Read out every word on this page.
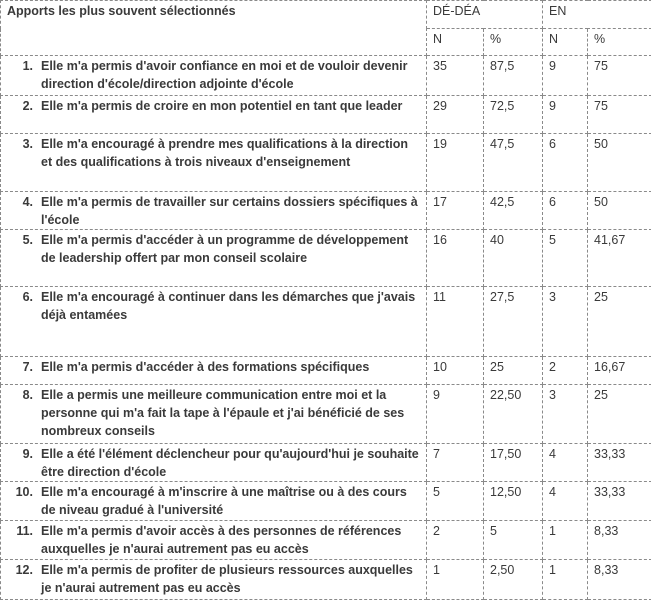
Apports les plus souvent sélectionnés	DÉ-DÉA		EN	
	N	%	N	%

1. Elle m'a permis d'avoir confiance en moi et de vouloir devenir direction d'école/direction adjointe d'école	35	87,5	9	75

2. Elle m'a permis de croire en mon potentiel en tant que leader	29	72,5	9	75

3. Elle m'a encouragé à prendre mes qualifications à la direction et des qualifications à trois niveaux d'enseignement	19	47,5	6	50

4. Elle m'a permis de travailler sur certains dossiers spécifiques à l'école	17	42,5	6	50

5. Elle m'a permis d'accéder à un programme de développement de leadership offert par mon conseil scolaire	16	40	5	41,67

6. Elle m'a encouragé à continuer dans les démarches que j'avais déjà entamées	11	27,5	3	25

7. Elle m'a permis d'accéder à des formations spécifiques	10	25	2	16,67

8. Elle a permis une meilleure communication entre moi et la personne qui m'a fait la tape à l'épaule et j'ai bénéficié de ses nombreux conseils	9	22,50	3	25

9. Elle a été l'élément déclencheur pour qu'aujourd'hui je souhaite être direction d'école	7	17,50	4	33,33

10. Elle m'a encouragé à m'inscrire à une maîtrise ou à des cours de niveau gradué à l'université	5	12,50	4	33,33

11. Elle m'a permis d'avoir accès à des personnes de références auxquelles je n'aurai autrement pas eu accès	2	5	1	8,33

12. Elle m'a permis de profiter de plusieurs ressources auxquelles je n'aurai autrement pas eu accès	1	2,50	1	8,33
